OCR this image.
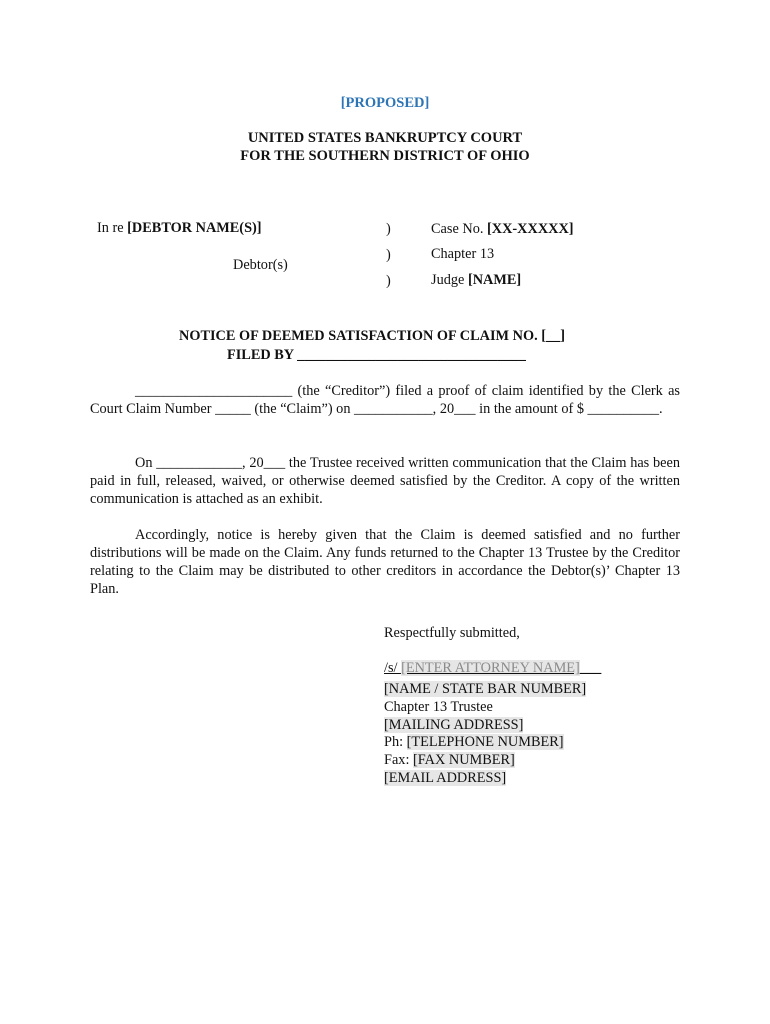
[PROPOSED]
UNITED STATES BANKRUPTCY COURT
FOR THE SOUTHERN DISTRICT OF OHIO
In re [DEBTOR NAME(S)]
Debtor(s)
)
)
)
Case No. [XX-XXXXX]
Chapter 13
Judge [NAME]
NOTICE OF DEEMED SATISFACTION OF CLAIM NO. [__]
FILED BY ________________________________

______________________ (the “Creditor”) filed a proof of claim identified by the Clerk as Court Claim Number _____ (the “Claim”) on ___________, 20___ in the amount of $ __________.

On ____________, 20___ the Trustee received written communication that the Claim has been paid in full, released, waived, or otherwise deemed satisfied by the Creditor. A copy of the written communication is attached as an exhibit.

Accordingly, notice is hereby given that the Claim is deemed satisfied and no further distributions will be made on the Claim. Any funds returned to the Chapter 13 Trustee by the Creditor relating to the Claim may be distributed to other creditors in accordance the Debtor(s)’ Chapter 13 Plan.

Respectfully submitted,
/s/ [ENTER ATTORNEY NAME]___
[NAME / STATE BAR NUMBER]
Chapter 13 Trustee
[MAILING ADDRESS]
Ph: [TELEPHONE NUMBER]
Fax: [FAX NUMBER]
[EMAIL ADDRESS]
